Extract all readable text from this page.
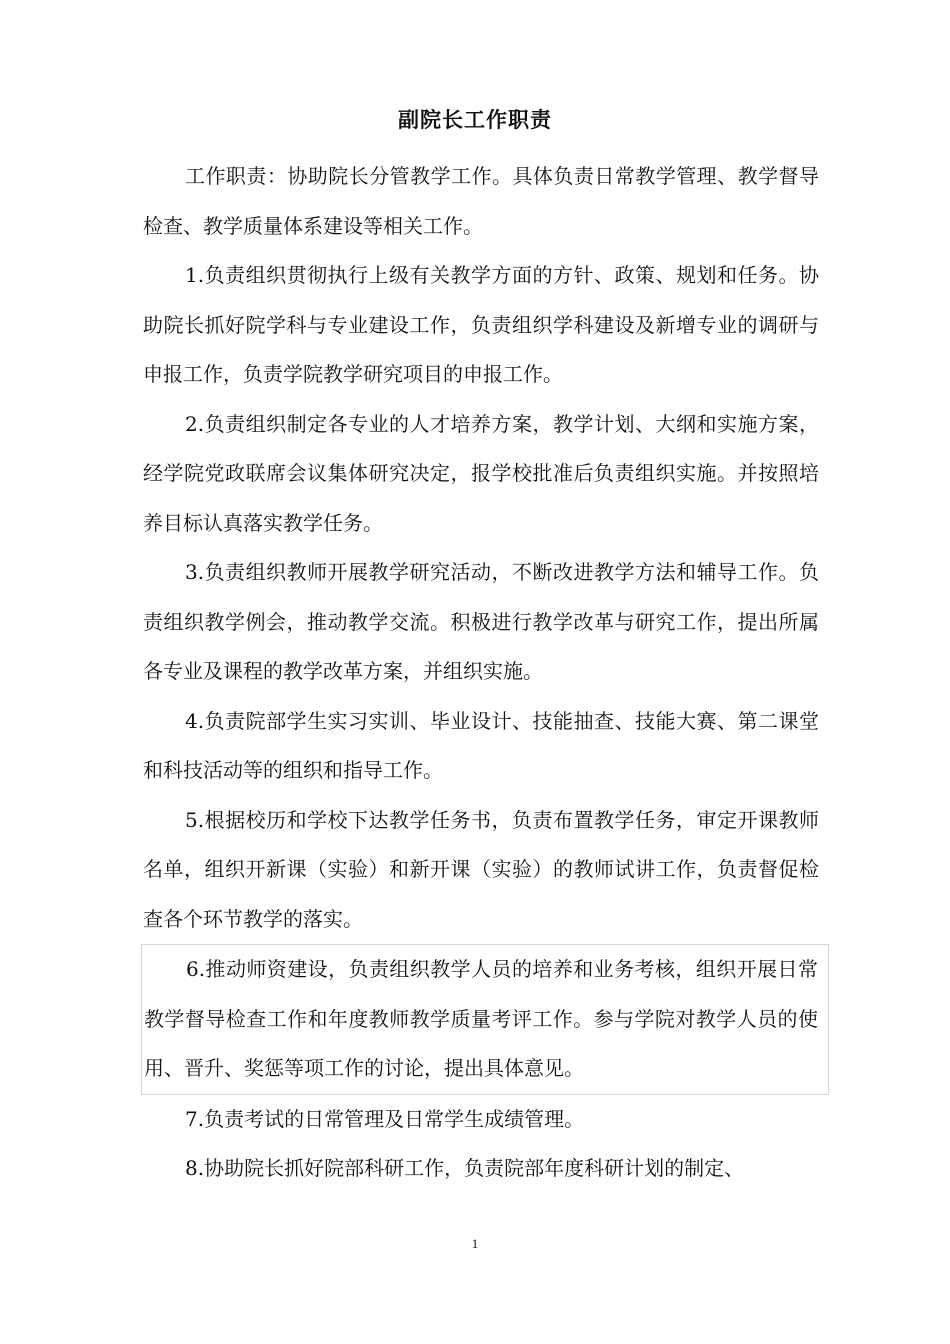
副院长工作职责

工作职责：协助院长分管教学工作。具体负责日常教学管理、教学督导检查、教学质量体系建设等相关工作。

1.负责组织贯彻执行上级有关教学方面的方针、政策、规划和任务。协助院长抓好院学科与专业建设工作，负责组织学科建设及新增专业的调研与申报工作，负责学院教学研究项目的申报工作。

2.负责组织制定各专业的人才培养方案，教学计划、大纲和实施方案，经学院党政联席会议集体研究决定，报学校批准后负责组织实施。并按照培养目标认真落实教学任务。

3.负责组织教师开展教学研究活动，不断改进教学方法和辅导工作。负责组织教学例会，推动教学交流。积极进行教学改革与研究工作，提出所属各专业及课程的教学改革方案，并组织实施。

4.负责院部学生实习实训、毕业设计、技能抽查、技能大赛、第二课堂和科技活动等的组织和指导工作。

5.根据校历和学校下达教学任务书，负责布置教学任务，审定开课教师名单，组织开新课（实验）和新开课（实验）的教师试讲工作，负责督促检查各个环节教学的落实。

6.推动师资建设，负责组织教学人员的培养和业务考核，组织开展日常教学督导检查工作和年度教师教学质量考评工作。参与学院对教学人员的使用、晋升、奖惩等项工作的讨论，提出具体意见。

7.负责考试的日常管理及日常学生成绩管理。

8.协助院长抓好院部科研工作，负责院部年度科研计划的制定、

1
